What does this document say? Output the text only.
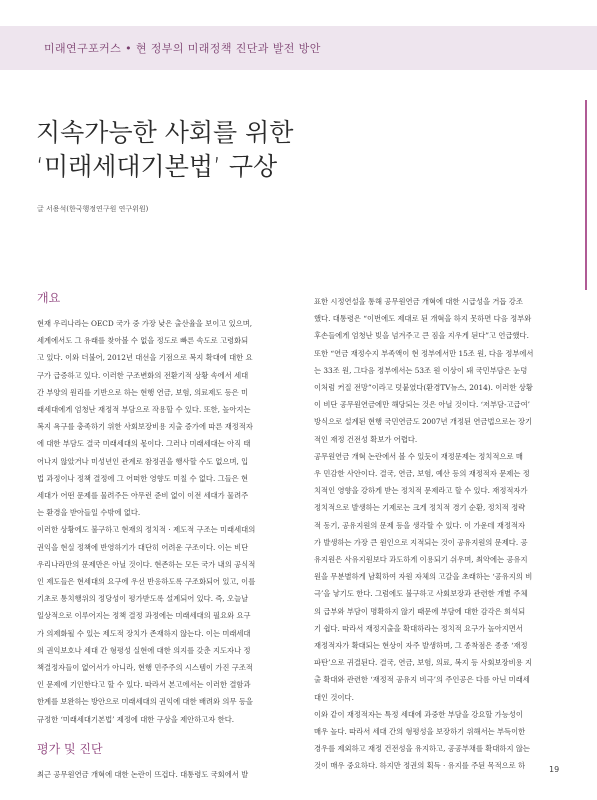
미래연구포커스 • 현 정부의 미래정책 진단과 발전 방안
지속가능한 사회를 위한
‘미래세대기본법’ 구상
글 서용석(한국행정연구원 연구위원)
개요

현재 우리나라는 OECD 국가 중 가장 낮은 출산율을 보이고 있으며,
세계에서도 그 유래를 찾아볼 수 없을 정도로 빠른 속도로 고령화되
고 있다. 이와 더불어, 2012년 대선을 기점으로 복지 확대에 대한 요
구가 급증하고 있다. 이러한 구조변화의 전환기적 상황 속에서 세대
간 부양의 원리를 기반으로 하는 현행 연금, 보험, 의료제도 등은 미
래세대에게 엄청난 재정적 부담으로 작용할 수 있다. 또한, 높아지는
복지 욕구를 충족하기 위한 사회보장비용 지출 증가에 따른 재정적자
에 대한 부담도 결국 미래세대의 몫이다. 그러나 미래세대는 아직 태
어나지 않았거나 미성년인 관계로 참정권을 행사할 수도 없으며, 입
법 과정이나 정책 결정에 그 어떠한 영향도 미칠 수 없다. 그들은 현
세대가 어떤 문제를 물려주든 아무런 준비 없이 이전 세대가 물려주
는 환경을 받아들일 수밖에 없다.

이러한 상황에도 불구하고 현재의 정치적 · 제도적 구조는 미래세대의
권익을 현실 정책에 반영하기가 대단히 어려운 구조이다. 이는 비단
우리나라만의 문제만은 아닐 것이다. 현존하는 모든 국가 내의 공식적
인 제도들은 현세대의 요구에 우선 반응하도록 구조화되어 있고, 이를
기초로 통치행위의 정당성이 평가받도록 설계되어 있다. 즉, 오늘날
일상적으로 이루어지는 정책 결정 과정에는 미래세대의 필요와 요구
가 의제화될 수 있는 제도적 장치가 존재하지 않는다. 이는 미래세대
의 권익보호나 세대 간 형평성 실현에 대한 의지를 갖춘 지도자나 정
책결정자들이 없어서가 아니라, 현행 민주주의 시스템이 가진 구조적
인 문제에 기인한다고 할 수 있다. 따라서 본고에서는 이러한 결함과
한계를 보완하는 방안으로 미래세대의 권익에 대한 배려와 의무 등을
규정한 ‘미래세대기본법’ 제정에 대한 구상을 제안하고자 한다.

평가 및 진단

최근 공무원연금 개혁에 대한 논란이 뜨겁다. 대통령도 국회에서 발

표한 시정연설을 통해 공무원연금 개혁에 대한 시급성을 거듭 강조
했다. 대통령은 “이번에도 제대로 된 개혁을 하지 못하면 다음 정부와
후손들에게 엄청난 빚을 넘겨주고 큰 짐을 지우게 된다”고 언급했다.
또한 “연금 재정수지 부족액이 현 정부에서만 15조 원, 다음 정부에서
는 33조 원, 그다음 정부에서는 53조 원 이상이 돼 국민부담은 눈덩
이처럼 커질 전망”이라고 덧붙였다(환경TV뉴스, 2014). 이러한 상황
이 비단 공무원연금에만 해당되는 것은 아닐 것이다. ‘저부담-고급여’
방식으로 설계된 현행 국민연금도 2007년 개정된 연금법으로는 장기
적인 재정 건전성 확보가 어렵다.

공무원연금 개혁 논란에서 볼 수 있듯이 재정문제는 정치적으로 매
우 민감한 사안이다. 결국, 연금, 보험, 예산 등의 재정적자 문제는 정
치적인 영향을 강하게 받는 정치적 문제라고 할 수 있다. 재정적자가
정치적으로 발생하는 기제로는 크게 정치적 경기 순환, 정치적 정략
적 동기, 공유지원의 문제 등을 생각할 수 있다. 이 가운데 재정적자
가 발생하는 가장 큰 원인으로 지적되는 것이 공유지원의 문제다. 공
유지원은 사유지원보다 과도하게 이용되기 쉬우며, 최악에는 공유지
원을 무분별하게 남획하여 자원 자체의 고갈을 초래하는 ‘공유지의 비
극’을 낳기도 한다. 그럼에도 불구하고 사회보장과 관련한 개별 주체
의 급부와 부담이 명확하지 않기 때문에 부담에 대한 감각은 희석되
기 쉽다. 따라서 재정지출을 확대하라는 정치적 요구가 높아지면서
재정적자가 확대되는 현상이 자주 발생하며, 그 종착점은 종종 ‘재정
파탄’으로 귀결된다. 결국, 연금, 보험, 의료, 복지 등 사회보장비용 지
출 확대와 관련한 ‘재정적 공유지 비극’의 주인공은 다름 아닌 미래세
대인 것이다.

이와 같이 재정적자는 특정 세대에 과중한 부담을 강요할 가능성이
매우 높다. 따라서 세대 간의 형평성을 보장하기 위해서는 부득이한
경우를 제외하고 재정 건전성을 유지하고, 공공부채를 확대하지 않는
것이 매우 중요하다. 하지만 정권의 획득 · 유지를 주된 목적으로 하	19
